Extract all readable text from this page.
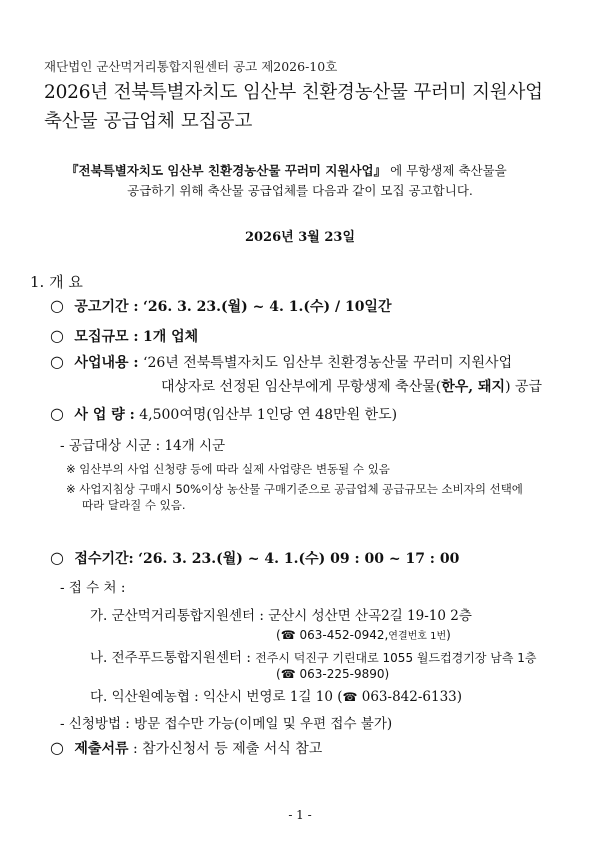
재단법인 군산먹거리통합지원센터 공고 제2026-10호
2026년 전북특별자치도 임산부 친환경농산물 꾸러미 지원사업
축산물 공급업체 모집공고
『전북특별자치도 임산부 친환경농산물 꾸러미 지원사업』 에 무항생제 축산물을
공급하기 위해 축산물 공급업체를 다음과 같이 모집 공고합니다.
2026년 3월 23일
1. 개 요
○ 공고기간 : ‘26. 3. 23.(월) ~ 4. 1.(수) / 10일간
○ 모집규모 : 1개 업체
○ 사업내용 : ‘26년 전북특별자치도 임산부 친환경농산물 꾸러미 지원사업
대상자로 선정된 임산부에게 무항생제 축산물(한우, 돼지) 공급
○ 사 업 량 : 4,500여명(임산부 1인당 연 48만원 한도)
- 공급대상 시군 : 14개 시군
※ 임산부의 사업 신청량 등에 따라 실제 사업량은 변동될 수 있음
※ 사업지침상 구매시 50%이상 농산물 구매기준으로 공급업체 공급규모는 소비자의 선택에
따라 달라질 수 있음.
○ 접수기간: ‘26. 3. 23.(월) ~ 4. 1.(수) 09 : 00 ~ 17 : 00
- 접 수 처 :
가. 군산먹거리통합지원센터 : 군산시 성산면 산곡2길 19-10 2층
(☎ 063-452-0942,연결번호 1번)
나. 전주푸드통합지원센터 : 전주시 덕진구 기린대로 1055 월드컵경기장 남측 1층
(☎ 063-225-9890)
다. 익산원예농협 : 익산시 번영로 1길 10 (☎ 063-842-6133)
- 신청방법 : 방문 접수만 가능(이메일 및 우편 접수 불가)
○ 제출서류 : 참가신청서 등 제출 서식 참고
- 1 -
